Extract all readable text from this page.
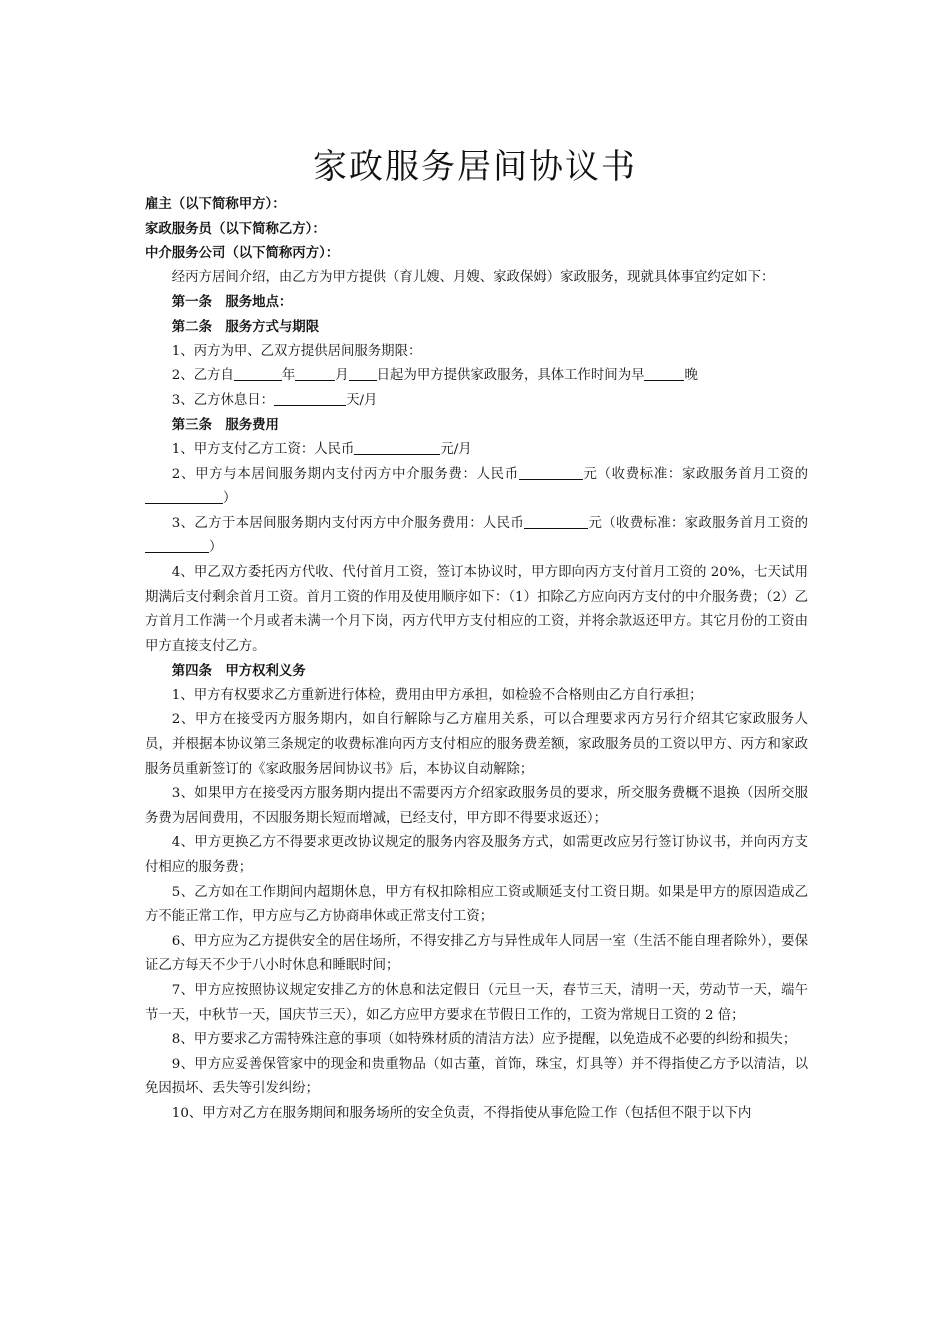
家政服务居间协议书

雇主（以下简称甲方）：

家政服务员（以下简称乙方）：

中介服务公司（以下简称丙方）：

经丙方居间介绍，由乙方为甲方提供（育儿嫂、月嫂、家政保姆）家政服务，现就具体事宜约定如下：

第一条　服务地点：

第二条　服务方式与期限

1、丙方为甲、乙双方提供居间服务期限：

2、乙方自	年	月 日起为甲方提供家政服务，具体工作时间为早	晚

3、乙方休息日：	天/月

第三条　服务费用

1、甲方支付乙方工资：人民币	元/月

2、甲方与本居间服务期内支付丙方中介服务费：人民币	元（收费标准：家政服务首月工资的）

3、乙方于本居间服务期内支付丙方中介服务费用：人民币	元（收费标准：家政服务首月工资的）

4、甲乙双方委托丙方代收、代付首月工资，签订本协议时，甲方即向丙方支付首月工资的 20%，七天试用期满后支付剩余首月工资。首月工资的作用及使用顺序如下：（1）扣除乙方应向丙方支付的中介服务费；（2）乙方首月工作满一个月或者未满一个月下岗，丙方代甲方支付相应的工资，并将余款返还甲方。其它月份的工资由甲方直接支付乙方。

第四条　甲方权利义务

1、甲方有权要求乙方重新进行体检，费用由甲方承担，如检验不合格则由乙方自行承担；

2、甲方在接受丙方服务期内，如自行解除与乙方雇用关系，可以合理要求丙方另行介绍其它家政服务人员，并根据本协议第三条规定的收费标准向丙方支付相应的服务费差额，家政服务员的工资以甲方、丙方和家政服务员重新签订的《家政服务居间协议书》后，本协议自动解除；

3、如果甲方在接受丙方服务期内提出不需要丙方介绍家政服务员的要求，所交服务费概不退换（因所交服务费为居间费用，不因服务期长短而增减，已经支付，甲方即不得要求返还）；

4、甲方更换乙方不得要求更改协议规定的服务内容及服务方式，如需更改应另行签订协议书，并向丙方支付相应的服务费；

5、乙方如在工作期间内超期休息，甲方有权扣除相应工资或顺延支付工资日期。如果是甲方的原因造成乙方不能正常工作，甲方应与乙方协商串休或正常支付工资；

6、甲方应为乙方提供安全的居住场所，不得安排乙方与异性成年人同居一室（生活不能自理者除外），要保证乙方每天不少于八小时休息和睡眠时间；

7、甲方应按照协议规定安排乙方的休息和法定假日（元旦一天，春节三天，清明一天，劳动节一天，端午节一天，中秋节一天，国庆节三天），如乙方应甲方要求在节假日工作的，工资为常规日工资的 2 倍；

8、甲方要求乙方需特殊注意的事项（如特殊材质的清洁方法）应予提醒，以免造成不必要的纠纷和损失；

9、甲方应妥善保管家中的现金和贵重物品（如古董，首饰，珠宝，灯具等）并不得指使乙方予以清洁，以免因损坏、丢失等引发纠纷；

10、甲方对乙方在服务期间和服务场所的安全负责，不得指使从事危险工作（包括但不限于以下内
